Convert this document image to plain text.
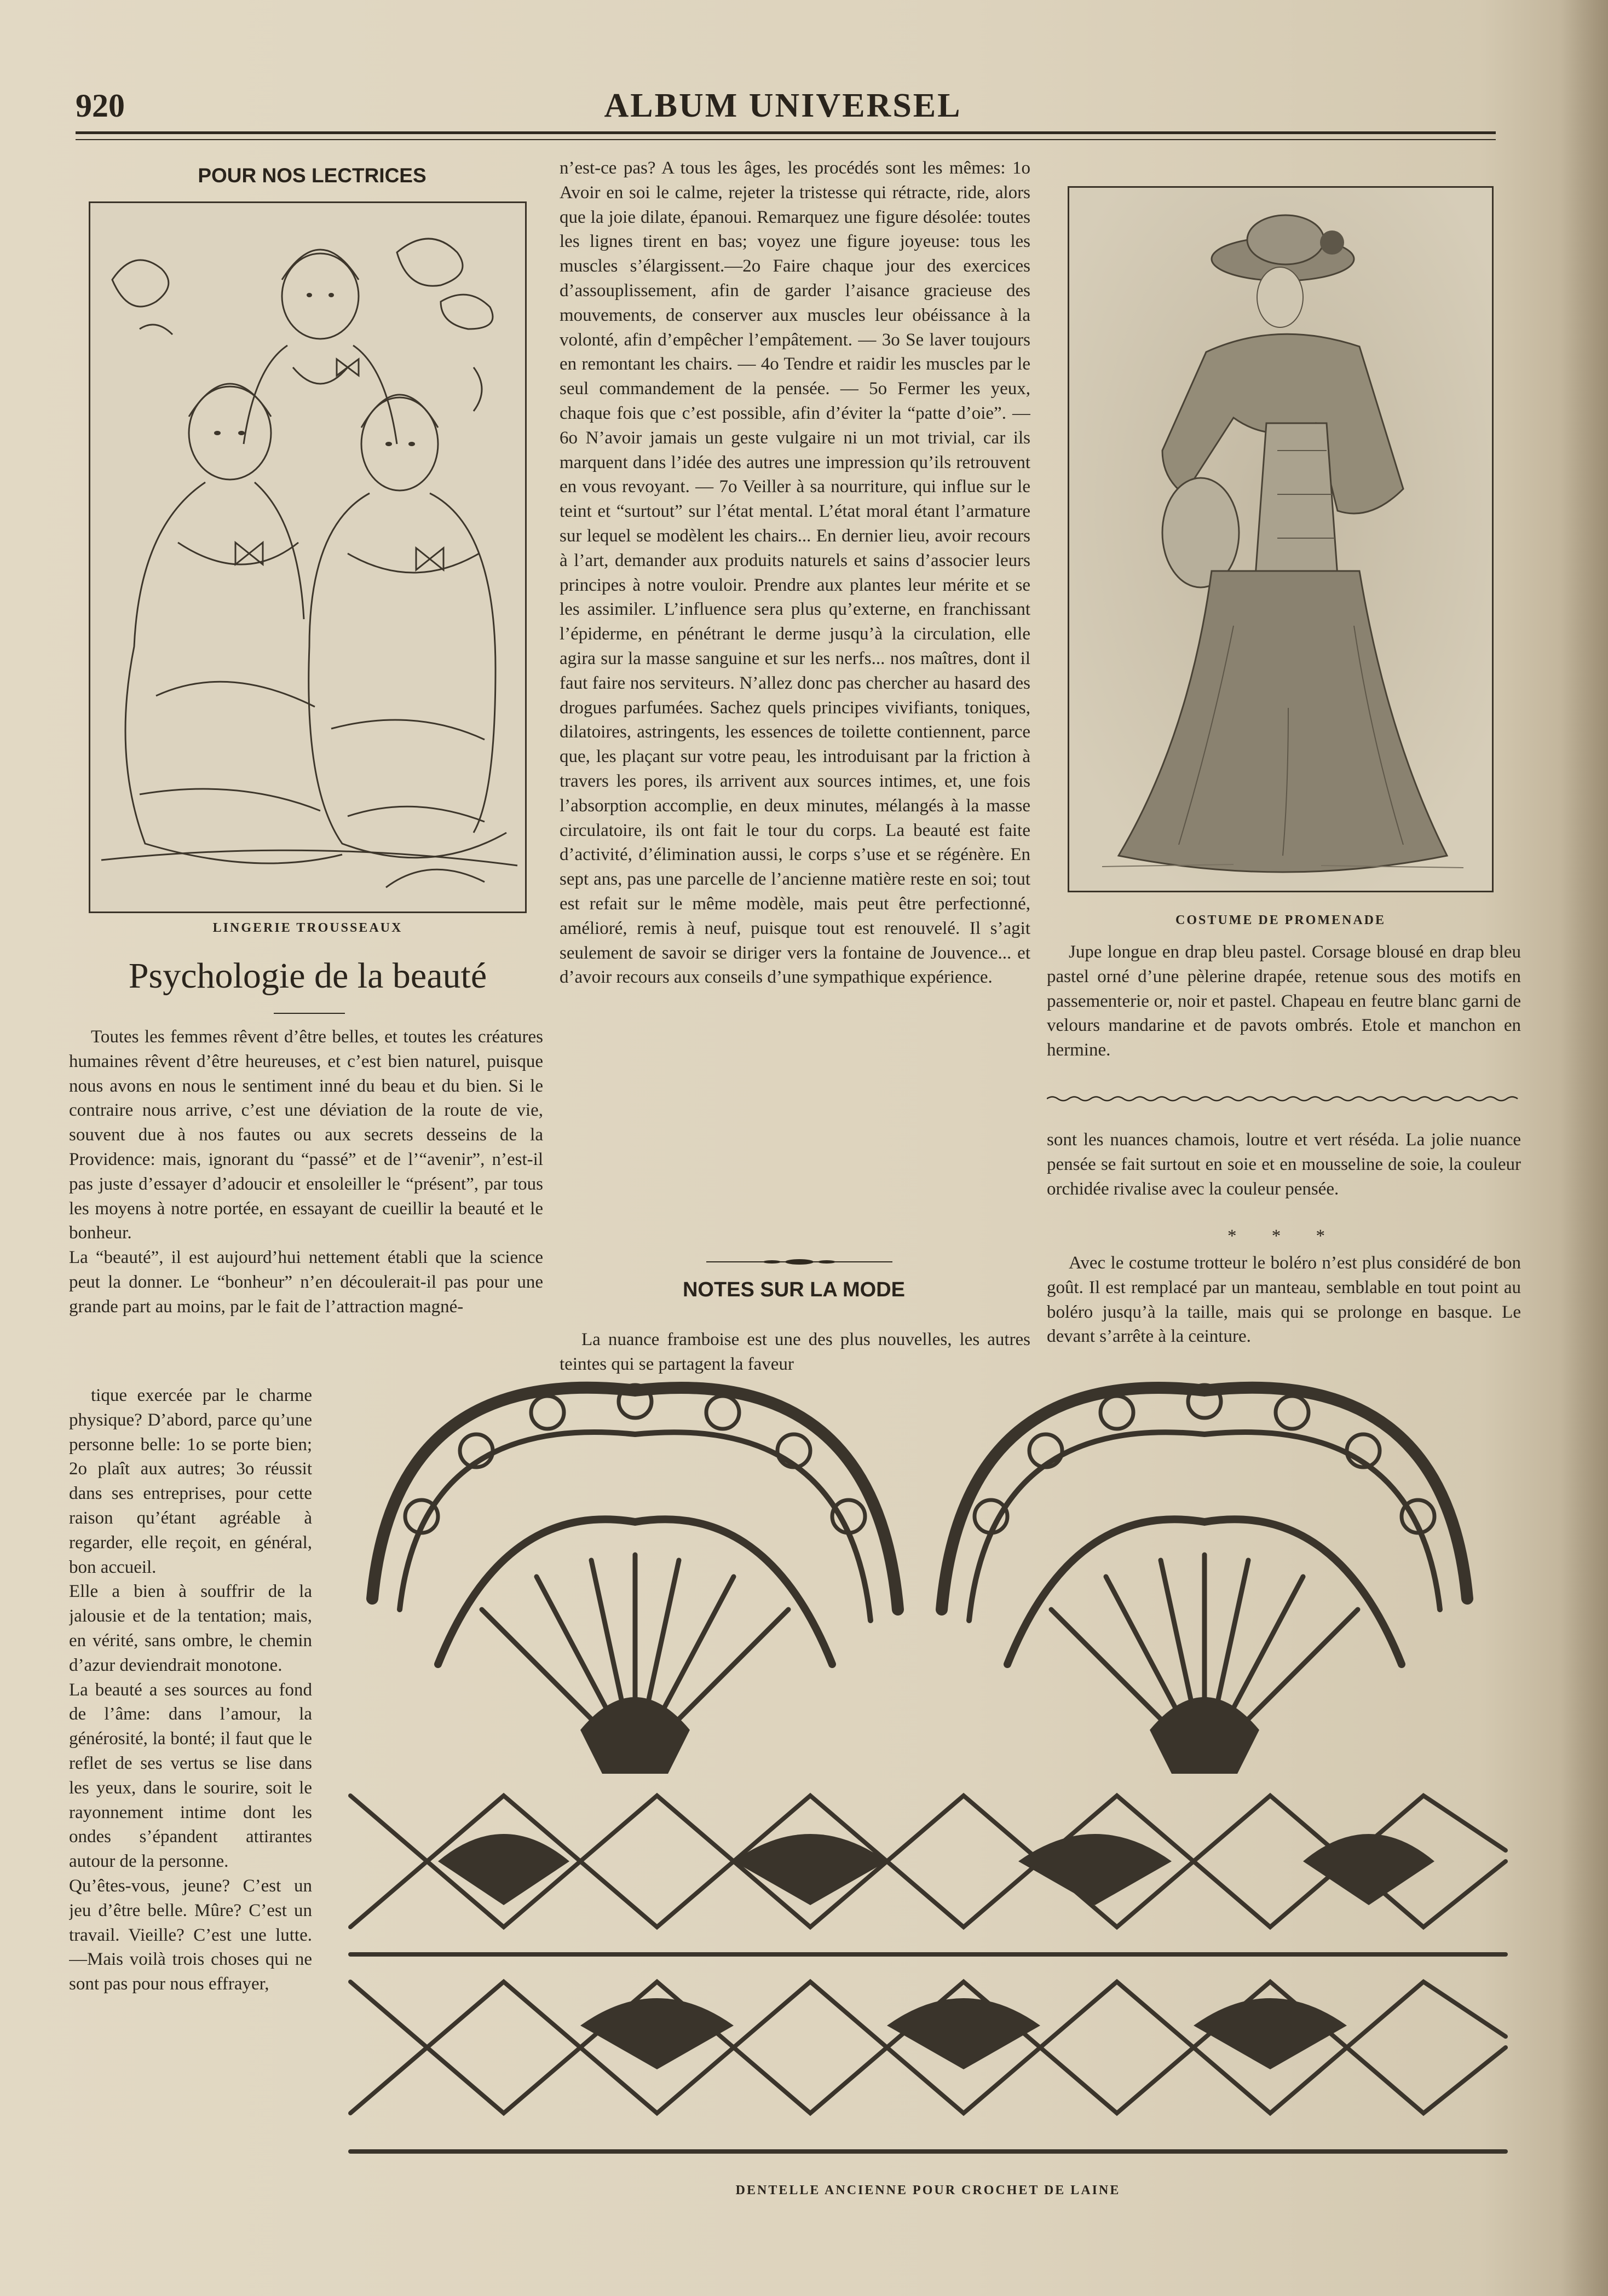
920	ALBUM UNIVERSEL
POUR NOS LECTRICES
LINGERIE TROUSSEAUX
Psychologie de la beauté
Toutes les femmes rêvent d’être belles, et toutes les créatures humaines rêvent d’être heureuses, et c’est bien naturel, puisque nous avons en nous le sentiment inné du beau et du bien. Si le contraire nous arrive, c’est une déviation de la route de vie, souvent due à nos fautes ou aux secrets desseins de la Providence: mais, ignorant du “passé” et de l’“avenir”, n’est-il pas juste d’essayer d’adoucir et ensoleiller le “présent”, par tous les moyens à notre portée, en essayant de cueillir la beauté et le bonheur.
La “beauté”, il est aujourd’hui nettement établi que la science peut la donner. Le “bonheur” n’en découlerait-il pas pour une grande part au moins, par le fait de l’attraction magné-
tique exercée par le charme physique? D’abord, parce qu’une personne belle: 1o se porte bien; 2o plaît aux autres; 3o réussit dans ses entreprises, pour cette raison qu’étant agréable à regarder, elle reçoit, en général, bon accueil.
Elle a bien à souffrir de la jalousie et de la tentation; mais, en vérité, sans ombre, le chemin d’azur deviendrait monotone.
La beauté a ses sources au fond de l’âme: dans l’amour, la générosité, la bonté; il faut que le reflet de ses vertus se lise dans les yeux, dans le sourire, soit le rayonnement intime dont les ondes s’épandent attirantes autour de la personne.
Qu’êtes-vous, jeune? C’est un jeu d’être belle. Mûre? C’est un travail. Vieille? C’est une lutte.—Mais voilà trois choses qui ne sont pas pour nous effrayer,
n’est-ce pas? A tous les âges, les procédés sont les mêmes: 1o Avoir en soi le calme, rejeter la tristesse qui rétracte, ride, alors que la joie dilate, épanoui. Remarquez une figure désolée: toutes les lignes tirent en bas; voyez une figure joyeuse: tous les muscles s’élargissent.—2o Faire chaque jour des exercices d’assouplissement, afin de garder l’aisance gracieuse des mouvements, de conserver aux muscles leur obéissance à la volonté, afin d’empêcher l’empâtement. — 3o Se laver toujours en remontant les chairs. — 4o Tendre et raidir les muscles par le seul commandement de la pensée. — 5o Fermer les yeux, chaque fois que c’est possible, afin d’éviter la “patte d’oie”. — 6o N’avoir jamais un geste vulgaire ni un mot trivial, car ils marquent dans l’idée des autres une impression qu’ils retrouvent en vous revoyant. — 7o Veiller à sa nourriture, qui influe sur le teint et “surtout” sur l’état mental. L’état moral étant l’armature sur lequel se modèlent les chairs... En dernier lieu, avoir recours à l’art, demander aux produits naturels et sains d’associer leurs principes à notre vouloir. Prendre aux plantes leur mérite et se les assimiler. L’influence sera plus qu’externe, en franchissant l’épiderme, en pénétrant le derme jusqu’à la circulation, elle agira sur la masse sanguine et sur les nerfs... nos maîtres, dont il faut faire nos serviteurs. N’allez donc pas chercher au hasard des drogues parfumées. Sachez quels principes vivifiants, toniques, dilatoires, astringents, les essences de toilette contiennent, parce que, les plaçant sur votre peau, les introduisant par la friction à travers les pores, ils arrivent aux sources intimes, et, une fois l’absorption accomplie, en deux minutes, mélangés à la masse circulatoire, ils ont fait le tour du corps. La beauté est faite d’activité, d’élimination aussi, le corps s’use et se régénère. En sept ans, pas une parcelle de l’ancienne matière reste en soi; tout est refait sur le même modèle, mais peut être perfectionné, amélioré, remis à neuf, puisque tout est renouvelé. Il s’agit seulement de savoir se diriger vers la fontaine de Jouvence... et d’avoir recours aux conseils d’une sympathique expérience.
NOTES SUR LA MODE
La nuance framboise est une des plus nouvelles, les autres teintes qui se partagent la faveur
COSTUME DE PROMENADE
Jupe longue en drap bleu pastel. Corsage blousé en drap bleu pastel orné d’une pèlerine drapée, retenue sous des motifs en passementerie or, noir et pastel. Chapeau en feutre blanc garni de velours mandarine et de pavots ombrés. Etole et manchon en hermine.
sont les nuances chamois, loutre et vert réséda. La jolie nuance pensée se fait surtout en soie et en mousseline de soie, la couleur orchidée rivalise avec la couleur pensée.
* * *
Avec le costume trotteur le boléro n’est plus considéré de bon goût. Il est remplacé par un manteau, semblable en tout point au boléro jusqu’à la taille, mais qui se prolonge en basque. Le devant s’arrête à la ceinture.
DENTELLE ANCIENNE POUR CROCHET DE LAINE
